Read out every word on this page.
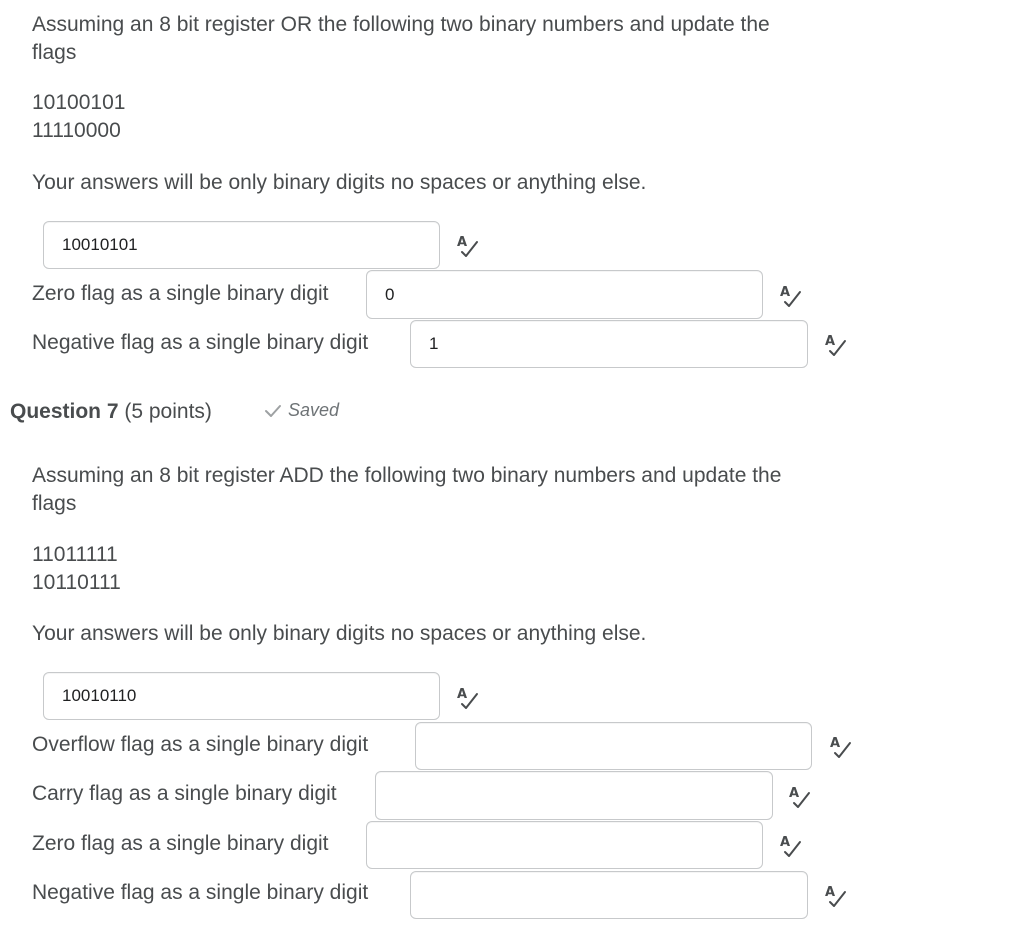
Assuming an 8 bit register OR the following two binary numbers and update the
flags
10100101
11110000
Your answers will be only binary digits no spaces or anything else.
10010101	A
Zero flag as a single binary digit	0	A
Negative flag as a single binary digit	1	A
Question 7 (5 points)	Saved
Assuming an 8 bit register ADD the following two binary numbers and update the
flags
11011111
10110111
Your answers will be only binary digits no spaces or anything else.
10010110	A
Overflow flag as a single binary digit	A
Carry flag as a single binary digit	A
Zero flag as a single binary digit	A
Negative flag as a single binary digit	A
